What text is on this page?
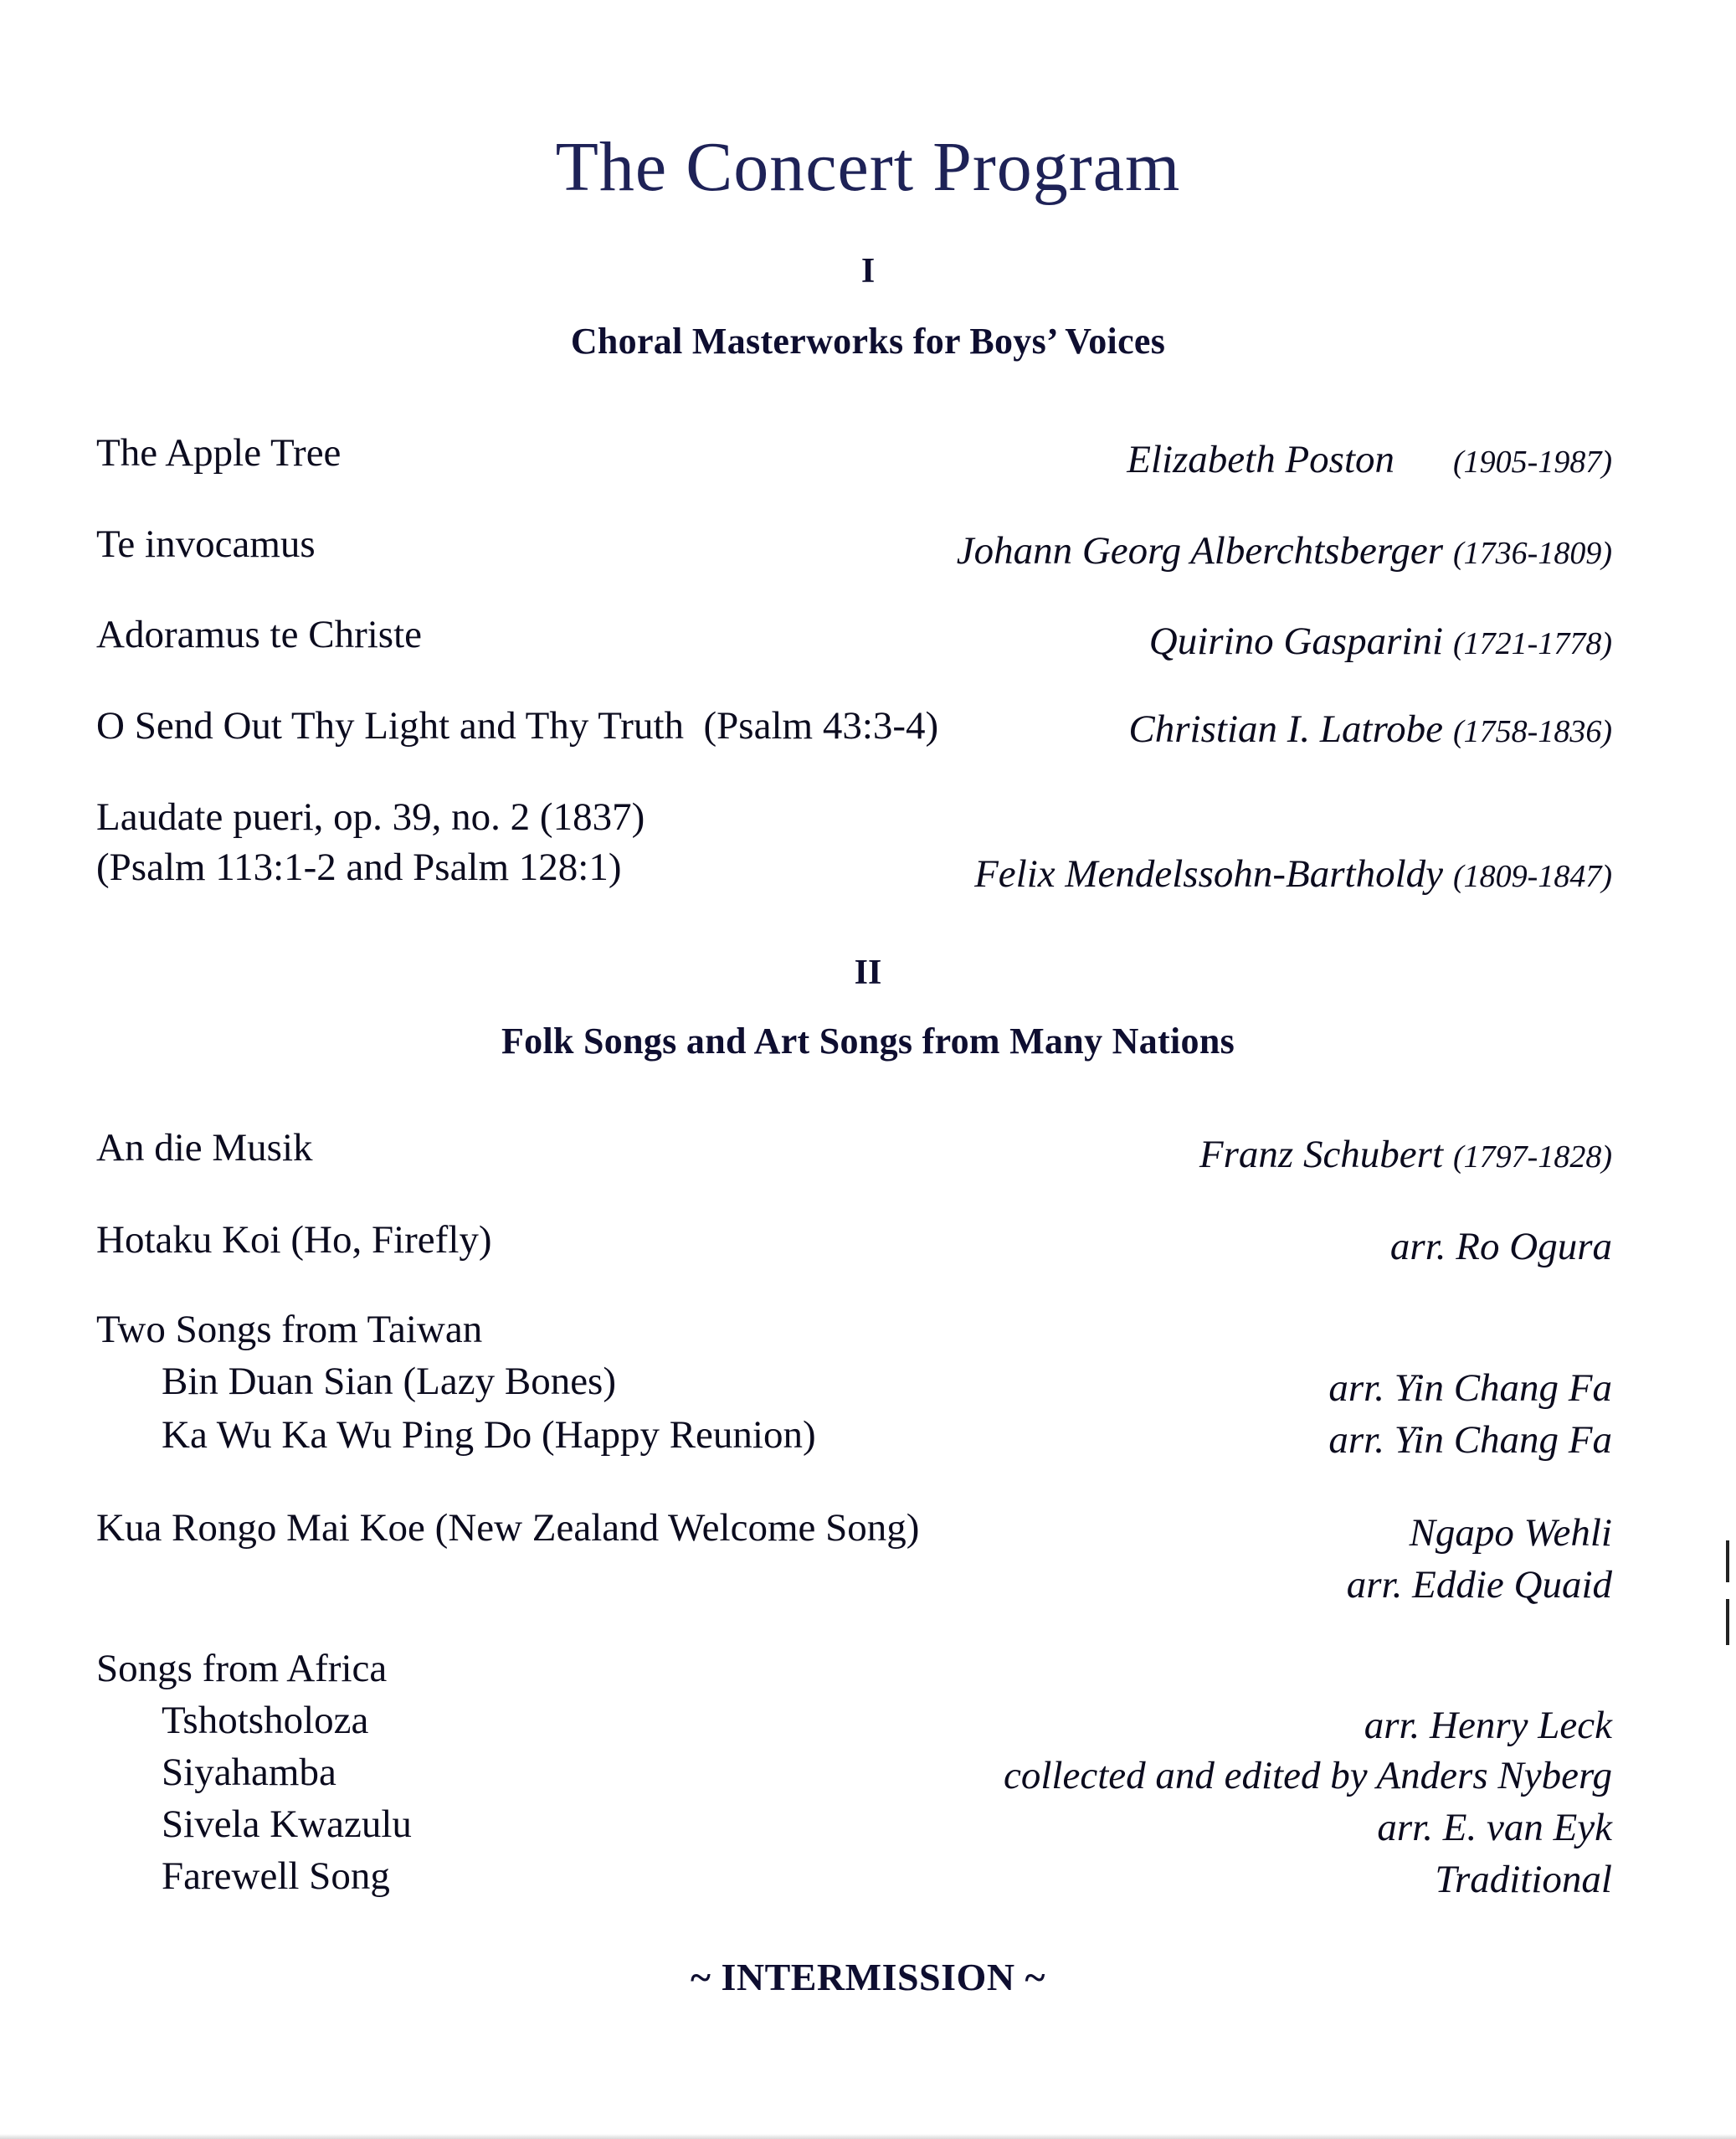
The Concert Program
I
Choral Masterworks for Boys’ Voices
The Apple Tree	Elizabeth Poston (1905-1987)
Te invocamus	Johann Georg Alberchtsberger (1736-1809)
Adoramus te Christe	Quirino Gasparini (1721-1778)
O Send Out Thy Light and Thy Truth  (Psalm 43:3-4)	Christian I. Latrobe (1758-1836)
Laudate pueri, op. 39, no. 2 (1837)
(Psalm 113:1-2 and Psalm 128:1)	Felix Mendelssohn-Bartholdy (1809-1847)
II
Folk Songs and Art Songs from Many Nations
An die Musik	Franz Schubert (1797-1828)
Hotaku Koi (Ho, Firefly)	arr. Ro Ogura
Two Songs from Taiwan
Bin Duan Sian (Lazy Bones)	arr. Yin Chang Fa
Ka Wu Ka Wu Ping Do (Happy Reunion)	arr. Yin Chang Fa
Kua Rongo Mai Koe (New Zealand Welcome Song)	Ngapo Wehli
arr. Eddie Quaid
Songs from Africa
Tshotsholoza	arr. Henry Leck
Siyahamba	collected and edited by Anders Nyberg
Sivela Kwazulu	arr. E. van Eyk
Farewell Song	Traditional
~ INTERMISSION ~
